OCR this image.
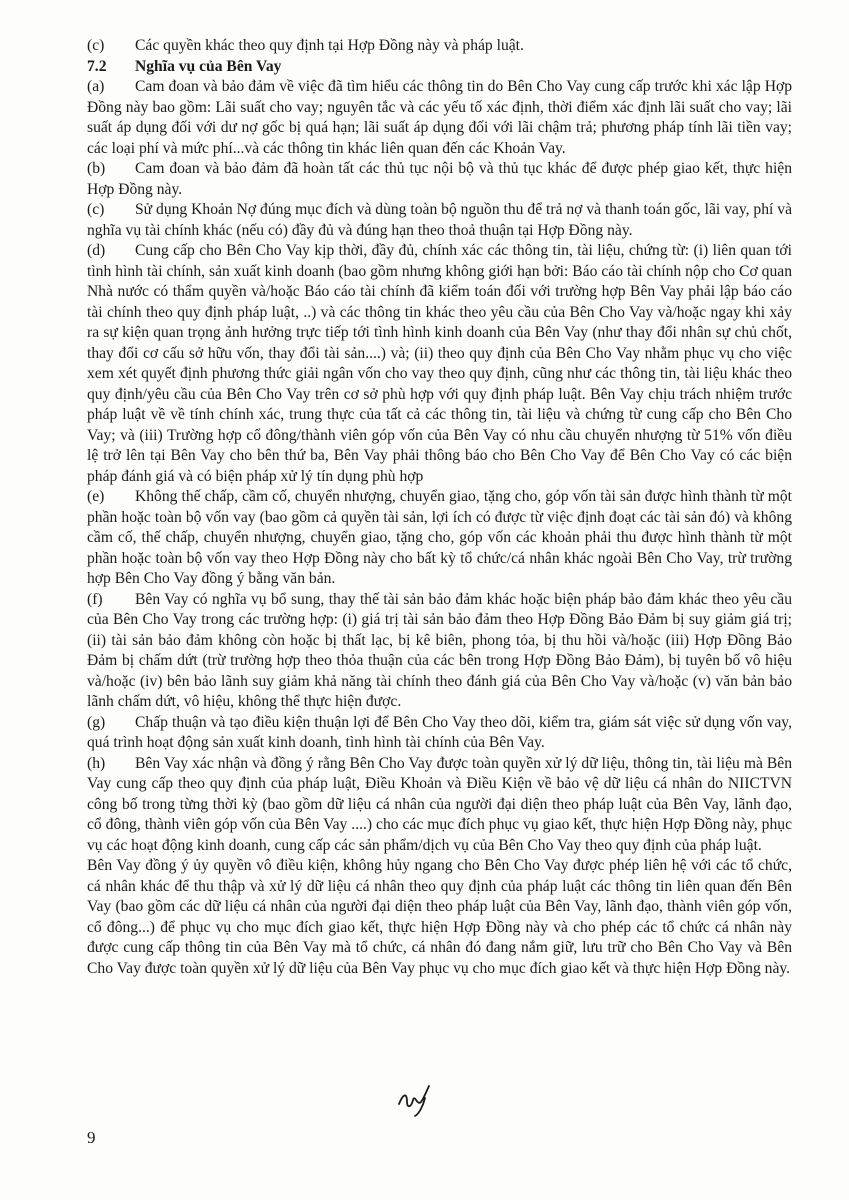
(c) Các quyền khác theo quy định tại Hợp Đồng này và pháp luật.

7.2 Nghĩa vụ của Bên Vay

(a) Cam đoan và bảo đảm về việc đã tìm hiểu các thông tin do Bên Cho Vay cung cấp trước khi xác lập Hợp Đồng này bao gồm: Lãi suất cho vay; nguyên tắc và các yếu tố xác định, thời điểm xác định lãi suất cho vay; lãi suất áp dụng đối với dư nợ gốc bị quá hạn; lãi suất áp dụng đối với lãi chậm trả; phương pháp tính lãi tiền vay; các loại phí và mức phí...và các thông tin khác liên quan đến các Khoản Vay.

(b) Cam đoan và bảo đảm đã hoàn tất các thủ tục nội bộ và thủ tục khác để được phép giao kết, thực hiện Hợp Đồng này.

(c) Sử dụng Khoản Nợ đúng mục đích và dùng toàn bộ nguồn thu để trả nợ và thanh toán gốc, lãi vay, phí và nghĩa vụ tài chính khác (nếu có) đầy đủ và đúng hạn theo thoả thuận tại Hợp Đồng này.

(d) Cung cấp cho Bên Cho Vay kịp thời, đầy đủ, chính xác các thông tin, tài liệu, chứng từ: (i) liên quan tới tình hình tài chính, sản xuất kinh doanh (bao gồm nhưng không giới hạn bởi: Báo cáo tài chính nộp cho Cơ quan Nhà nước có thẩm quyền và/hoặc Báo cáo tài chính đã kiểm toán đối với trường hợp Bên Vay phải lập báo cáo tài chính theo quy định pháp luật, ..) và các thông tin khác theo yêu cầu của Bên Cho Vay và/hoặc ngay khi xảy ra sự kiện quan trọng ảnh hưởng trực tiếp tới tình hình kinh doanh của Bên Vay (như thay đổi nhân sự chủ chốt, thay đổi cơ cấu sở hữu vốn, thay đổi tài sản....) và; (ii) theo quy định của Bên Cho Vay nhằm phục vụ cho việc xem xét quyết định phương thức giải ngân vốn cho vay theo quy định, cũng như các thông tin, tài liệu khác theo quy định/yêu cầu của Bên Cho Vay trên cơ sở phù hợp với quy định pháp luật. Bên Vay chịu trách nhiệm trước pháp luật về về tính chính xác, trung thực của tất cả các thông tin, tài liệu và chứng từ cung cấp cho Bên Cho Vay; và (iii) Trường hợp cổ đông/thành viên góp vốn của Bên Vay có nhu cầu chuyển nhượng từ 51% vốn điều lệ trở lên tại Bên Vay cho bên thứ ba, Bên Vay phải thông báo cho Bên Cho Vay để Bên Cho Vay có các biện pháp đánh giá và có biện pháp xử lý tín dụng phù hợp

(e) Không thế chấp, cầm cố, chuyển nhượng, chuyển giao, tặng cho, góp vốn tài sản được hình thành từ một phần hoặc toàn bộ vốn vay (bao gồm cả quyền tài sản, lợi ích có được từ việc định đoạt các tài sản đó) và không cầm cố, thế chấp, chuyển nhượng, chuyển giao, tặng cho, góp vốn các khoản phải thu được hình thành từ một phần hoặc toàn bộ vốn vay theo Hợp Đồng này cho bất kỳ tổ chức/cá nhân khác ngoài Bên Cho Vay, trừ trường hợp Bên Cho Vay đồng ý bằng văn bản.

(f) Bên Vay có nghĩa vụ bổ sung, thay thế tài sản bảo đảm khác hoặc biện pháp bảo đảm khác theo yêu cầu của Bên Cho Vay trong các trường hợp: (i) giá trị tài sản bảo đảm theo Hợp Đồng Bảo Đảm bị suy giảm giá trị; (ii) tài sản bảo đảm không còn hoặc bị thất lạc, bị kê biên, phong tỏa, bị thu hồi và/hoặc (iii) Hợp Đồng Bảo Đảm bị chấm dứt (trừ trường hợp theo thỏa thuận của các bên trong Hợp Đồng Bảo Đảm), bị tuyên bố vô hiệu và/hoặc (iv) bên bảo lãnh suy giảm khả năng tài chính theo đánh giá của Bên Cho Vay và/hoặc (v) văn bản bảo lãnh chấm dứt, vô hiệu, không thể thực hiện được.

(g) Chấp thuận và tạo điều kiện thuận lợi để Bên Cho Vay theo dõi, kiểm tra, giám sát việc sử dụng vốn vay, quá trình hoạt động sản xuất kinh doanh, tình hình tài chính của Bên Vay.

(h) Bên Vay xác nhận và đồng ý rằng Bên Cho Vay được toàn quyền xử lý dữ liệu, thông tin, tài liệu mà Bên Vay cung cấp theo quy định của pháp luật, Điều Khoản và Điều Kiện về bảo vệ dữ liệu cá nhân do NIICTVN công bố trong từng thời kỳ (bao gồm dữ liệu cá nhân của người đại diện theo pháp luật của Bên Vay, lãnh đạo, cổ đông, thành viên góp vốn của Bên Vay ....) cho các mục đích phục vụ giao kết, thực hiện Hợp Đồng này, phục vụ các hoạt động kinh doanh, cung cấp các sản phẩm/dịch vụ của Bên Cho Vay theo quy định của pháp luật.

Bên Vay đồng ý ủy quyền vô điều kiện, không hủy ngang cho Bên Cho Vay được phép liên hệ với các tổ chức, cá nhân khác để thu thập và xử lý dữ liệu cá nhân theo quy định của pháp luật các thông tin liên quan đến Bên Vay (bao gồm các dữ liệu cá nhân của người đại diện theo pháp luật của Bên Vay, lãnh đạo, thành viên góp vốn, cổ đông...) để phục vụ cho mục đích giao kết, thực hiện Hợp Đồng này và cho phép các tổ chức cá nhân này được cung cấp thông tin của Bên Vay mà tổ chức, cá nhân đó đang nắm giữ, lưu trữ cho Bên Cho Vay và Bên Cho Vay được toàn quyền xử lý dữ liệu của Bên Vay phục vụ cho mục đích giao kết và thực hiện Hợp Đồng này.

9
